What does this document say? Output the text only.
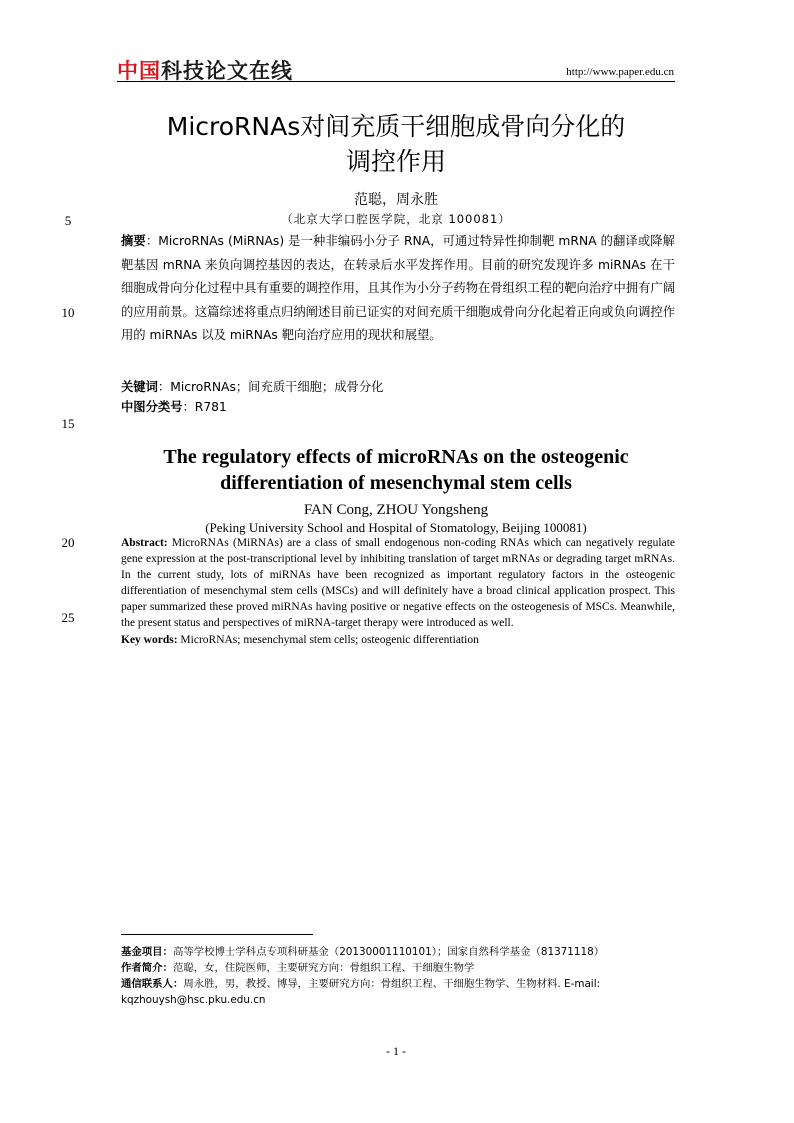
中国科技论文在线	http://www.paper.edu.cn
MicroRNAs对间充质干细胞成骨向分化的
调控作用
范聪，周永胜
（北京大学口腔医学院，北京 100081）
5
10
15
20
25

摘要：MicroRNAs (MiRNAs) 是一种非编码小分子 RNA，可通过特异性抑制靶 mRNA 的翻译或降解靶基因 mRNA 来负向调控基因的表达，在转录后水平发挥作用。目前的研究发现许多 miRNAs 在干细胞成骨向分化过程中具有重要的调控作用，且其作为小分子药物在骨组织工程的靶向治疗中拥有广阔的应用前景。这篇综述将重点归纳阐述目前已证实的对间充质干细胞成骨向分化起着正向或负向调控作用的 miRNAs 以及 miRNAs 靶向治疗应用的现状和展望。

关键词：MicroRNAs；间充质干细胞；成骨分化
中图分类号：R781
The regulatory effects of microRNAs on the osteogenic
differentiation of mesenchymal stem cells
FAN Cong, ZHOU Yongsheng
(Peking University School and Hospital of Stomatology, Beijing 100081)

Abstract: MicroRNAs (MiRNAs) are a class of small endogenous non-coding RNAs which can negatively regulate gene expression at the post-transcriptional level by inhibiting translation of target mRNAs or degrading target mRNAs. In the current study, lots of miRNAs have been recognized as important regulatory factors in the osteogenic differentiation of mesenchymal stem cells (MSCs) and will definitely have a broad clinical application prospect. This paper summarized these proved miRNAs having positive or negative effects on the osteogenesis of MSCs. Meanwhile, the present status and perspectives of miRNA-target therapy were introduced as well.

Key words: MicroRNAs; mesenchymal stem cells; osteogenic differentiation

基金项目：高等学校博士学科点专项科研基金（20130001110101）；国家自然科学基金（81371118）

作者简介：范聪，女，住院医师，主要研究方向：骨组织工程、干细胞生物学

通信联系人：周永胜，男，教授、博导，主要研究方向：骨组织工程、干细胞生物学、生物材料. E-mail: kqzhouysh@hsc.pku.edu.cn

- 1 -
